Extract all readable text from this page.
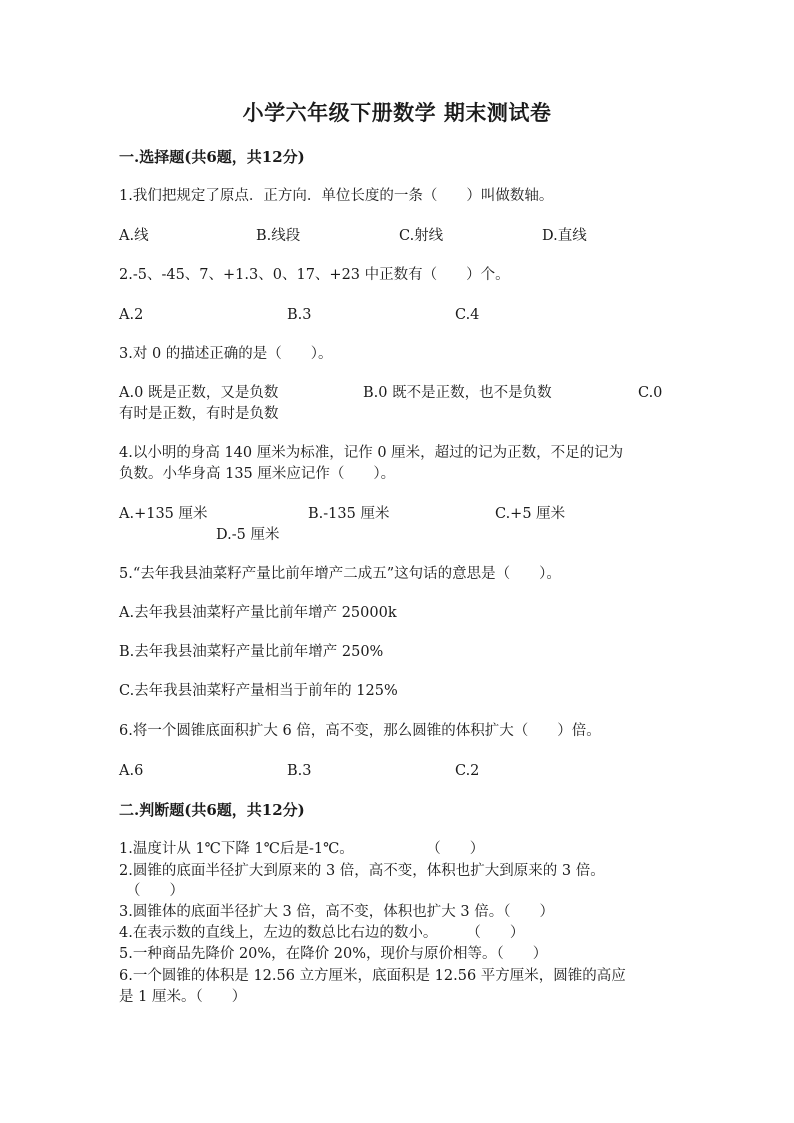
小学六年级下册数学 期末测试卷
一.选择题(共6题，共12分)
1.我们把规定了原点．正方向．单位长度的一条（　　）叫做数轴。
A.线	B.线段	C.射线	D.直线
2.-5、-45、7、+1.3、0、17、+23 中正数有（　　）个。
A.2	B.3	C.4
3.对 0 的描述正确的是（　　）。
A.0 既是正数，又是负数	B.0 既不是正数，也不是负数	C.0
有时是正数，有时是负数
4.以小明的身高 140 厘米为标准，记作 0 厘米，超过的记为正数，不足的记为
负数。小华身高 135 厘米应记作（　　）。
A.+135 厘米	B.-135 厘米	C.+5 厘米
D.-5 厘米
5.“去年我县油菜籽产量比前年增产二成五”这句话的意思是（　　）。
A.去年我县油菜籽产量比前年增产 25000k
B.去年我县油菜籽产量比前年增产 250%
C.去年我县油菜籽产量相当于前年的 125%
6.将一个圆锥底面积扩大 6 倍，高不变，那么圆锥的体积扩大（　　）倍。
A.6	B.3	C.2
二.判断题(共6题，共12分)
1.温度计从 1℃下降 1℃后是-1℃。　　　　　　（　　）
2.圆锥的底面半径扩大到原来的 3 倍，高不变，体积也扩大到原来的 3 倍。
（　　）
3.圆锥体的底面半径扩大 3 倍，高不变，体积也扩大 3 倍。（　　）
4.在表示数的直线上，左边的数总比右边的数小。　　　（　　）
5.一种商品先降价 20%，在降价 20%，现价与原价相等。（　　）
6.一个圆锥的体积是 12.56 立方厘米，底面积是 12.56 平方厘米，圆锥的高应
是 1 厘米。（　　）
